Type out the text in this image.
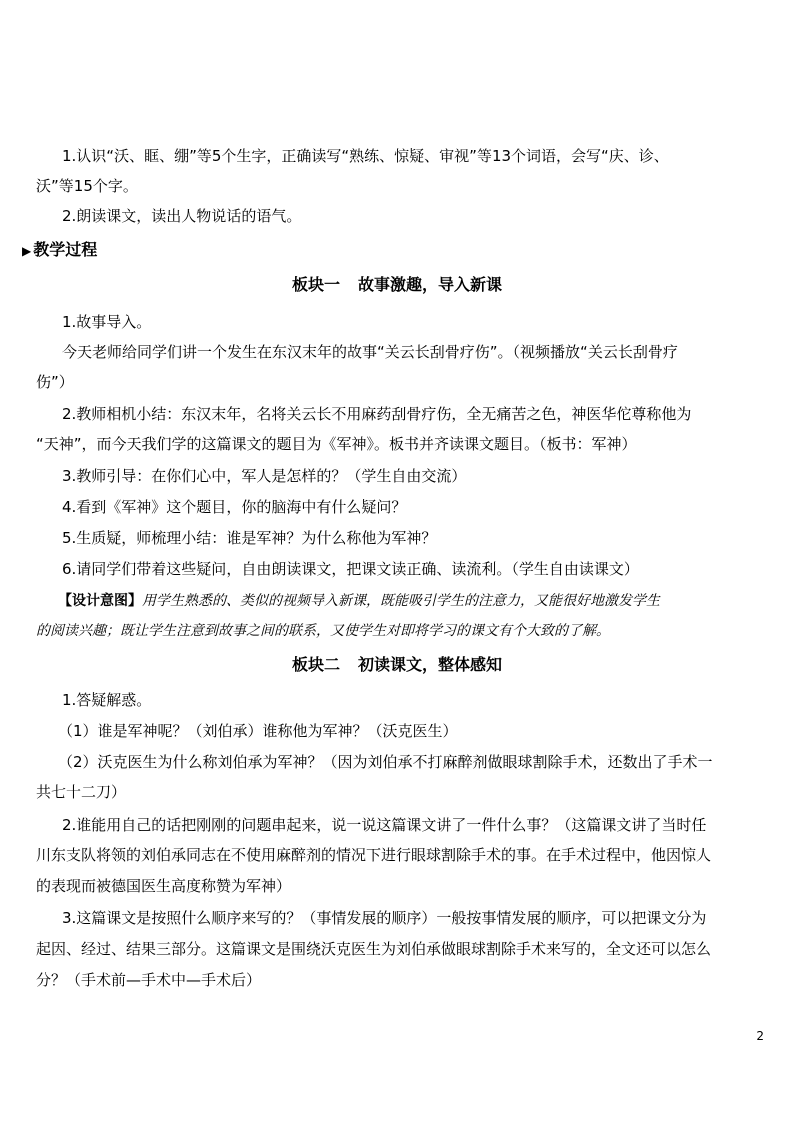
1.认识“沃、眶、绷”等5个生字，正确读写“熟练、惊疑、审视”等13个词语，会写“庆、诊、
沃”等15个字。
2.朗读课文，读出人物说话的语气。
▶ 教学过程
板块一 故事激趣，导入新课
1.故事导入。
今天老师给同学们讲一个发生在东汉末年的故事“关云长刮骨疗伤”。（视频播放“关云长刮骨疗
伤”）
2.教师相机小结：东汉末年，名将关云长不用麻药刮骨疗伤，全无痛苦之色，神医华佗尊称他为
“天神”，而今天我们学的这篇课文的题目为《军神》。板书并齐读课文题目。（板书：军神）
3.教师引导：在你们心中，军人是怎样的？（学生自由交流）
4.看到《军神》这个题目，你的脑海中有什么疑问？
5.生质疑，师梳理小结：谁是军神？为什么称他为军神？
6.请同学们带着这些疑问，自由朗读课文，把课文读正确、读流利。（学生自由读课文）
【设计意图】用学生熟悉的、类似的视频导入新课，既能吸引学生的注意力，又能很好地激发学生
的阅读兴趣；既让学生注意到故事之间的联系，又使学生对即将学习的课文有个大致的了解。
板块二 初读课文，整体感知
1.答疑解惑。
（1）谁是军神呢？（刘伯承）谁称他为军神？（沃克医生）
（2）沃克医生为什么称刘伯承为军神？（因为刘伯承不打麻醉剂做眼球割除手术，还数出了手术一
共七十二刀）
2.谁能用自己的话把刚刚的问题串起来，说一说这篇课文讲了一件什么事？（这篇课文讲了当时任
川东支队将领的刘伯承同志在不使用麻醉剂的情况下进行眼球割除手术的事。在手术过程中，他因惊人
的表现而被德国医生高度称赞为军神）
3.这篇课文是按照什么顺序来写的？（事情发展的顺序）一般按事情发展的顺序，可以把课文分为
起因、经过、结果三部分。这篇课文是围绕沃克医生为刘伯承做眼球割除手术来写的，全文还可以怎么
分？（手术前—手术中—手术后）
2
